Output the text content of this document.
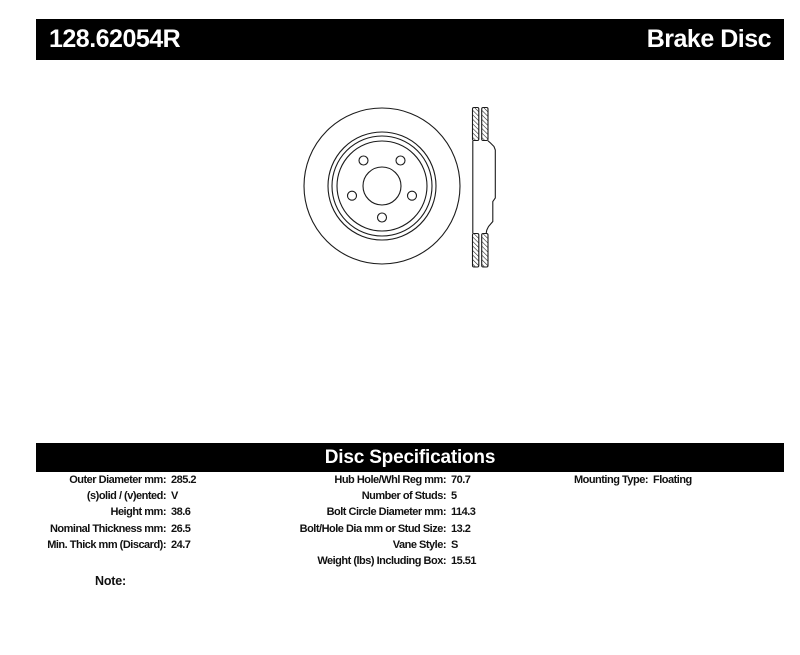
128.62054R	Brake Disc
Disc Specifications
Outer Diameter mm: 285.2
(s)olid / (v)ented: V
Height mm: 38.6
Nominal Thickness mm: 26.5
Min. Thick mm (Discard): 24.7
Hub Hole/Whl Reg mm: 70.7
Number of Studs: 5
Bolt Circle Diameter mm: 114.3
Bolt/Hole Dia mm or Stud Size: 13.2
Vane Style: S
Weight (lbs) Including Box: 15.51
Mounting Type: Floating
Note:
